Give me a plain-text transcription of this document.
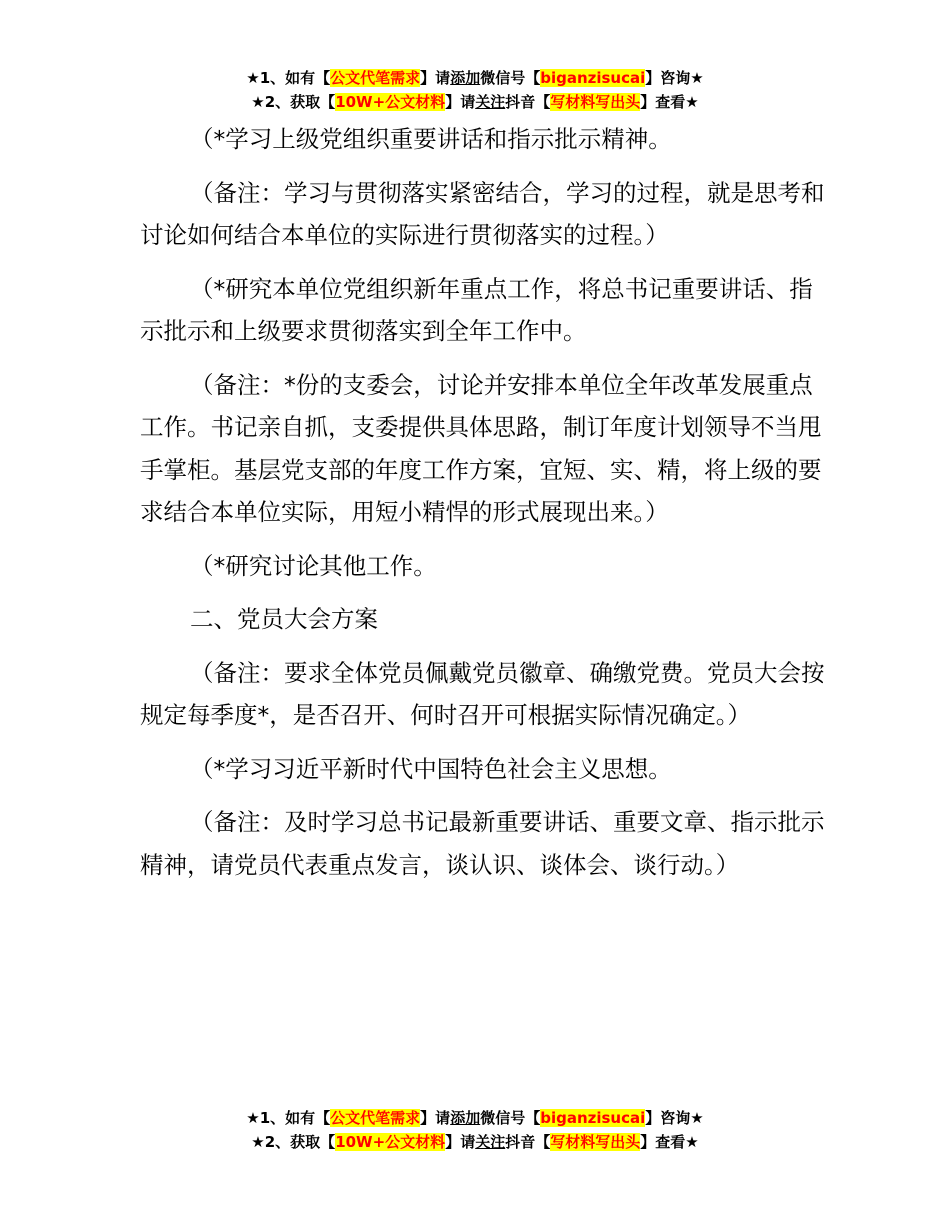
★1、如有【公文代笔需求】请添加微信号【biganzisucai】咨询★
★2、获取【10W+公文材料】请关注抖音【写材料写出头】查看★

（*学习上级党组织重要讲话和指示批示精神。

（备注：学习与贯彻落实紧密结合，学习的过程，就是思考和讨论如何结合本单位的实际进行贯彻落实的过程。）

（*研究本单位党组织新年重点工作，将总书记重要讲话、指示批示和上级要求贯彻落实到全年工作中。

（备注：*份的支委会，讨论并安排本单位全年改革发展重点工作。书记亲自抓，支委提供具体思路，制订年度计划领导不当甩手掌柜。基层党支部的年度工作方案，宜短、实、精，将上级的要求结合本单位实际，用短小精悍的形式展现出来。）

（*研究讨论其他工作。

二、党员大会方案

（备注：要求全体党员佩戴党员徽章、确缴党费。党员大会按规定每季度*，是否召开、何时召开可根据实际情况确定。）

（*学习习近平新时代中国特色社会主义思想。

（备注：及时学习总书记最新重要讲话、重要文章、指示批示精神，请党员代表重点发言，谈认识、谈体会、谈行动。）

★1、如有【公文代笔需求】请添加微信号【biganzisucai】咨询★
★2、获取【10W+公文材料】请关注抖音【写材料写出头】查看★
